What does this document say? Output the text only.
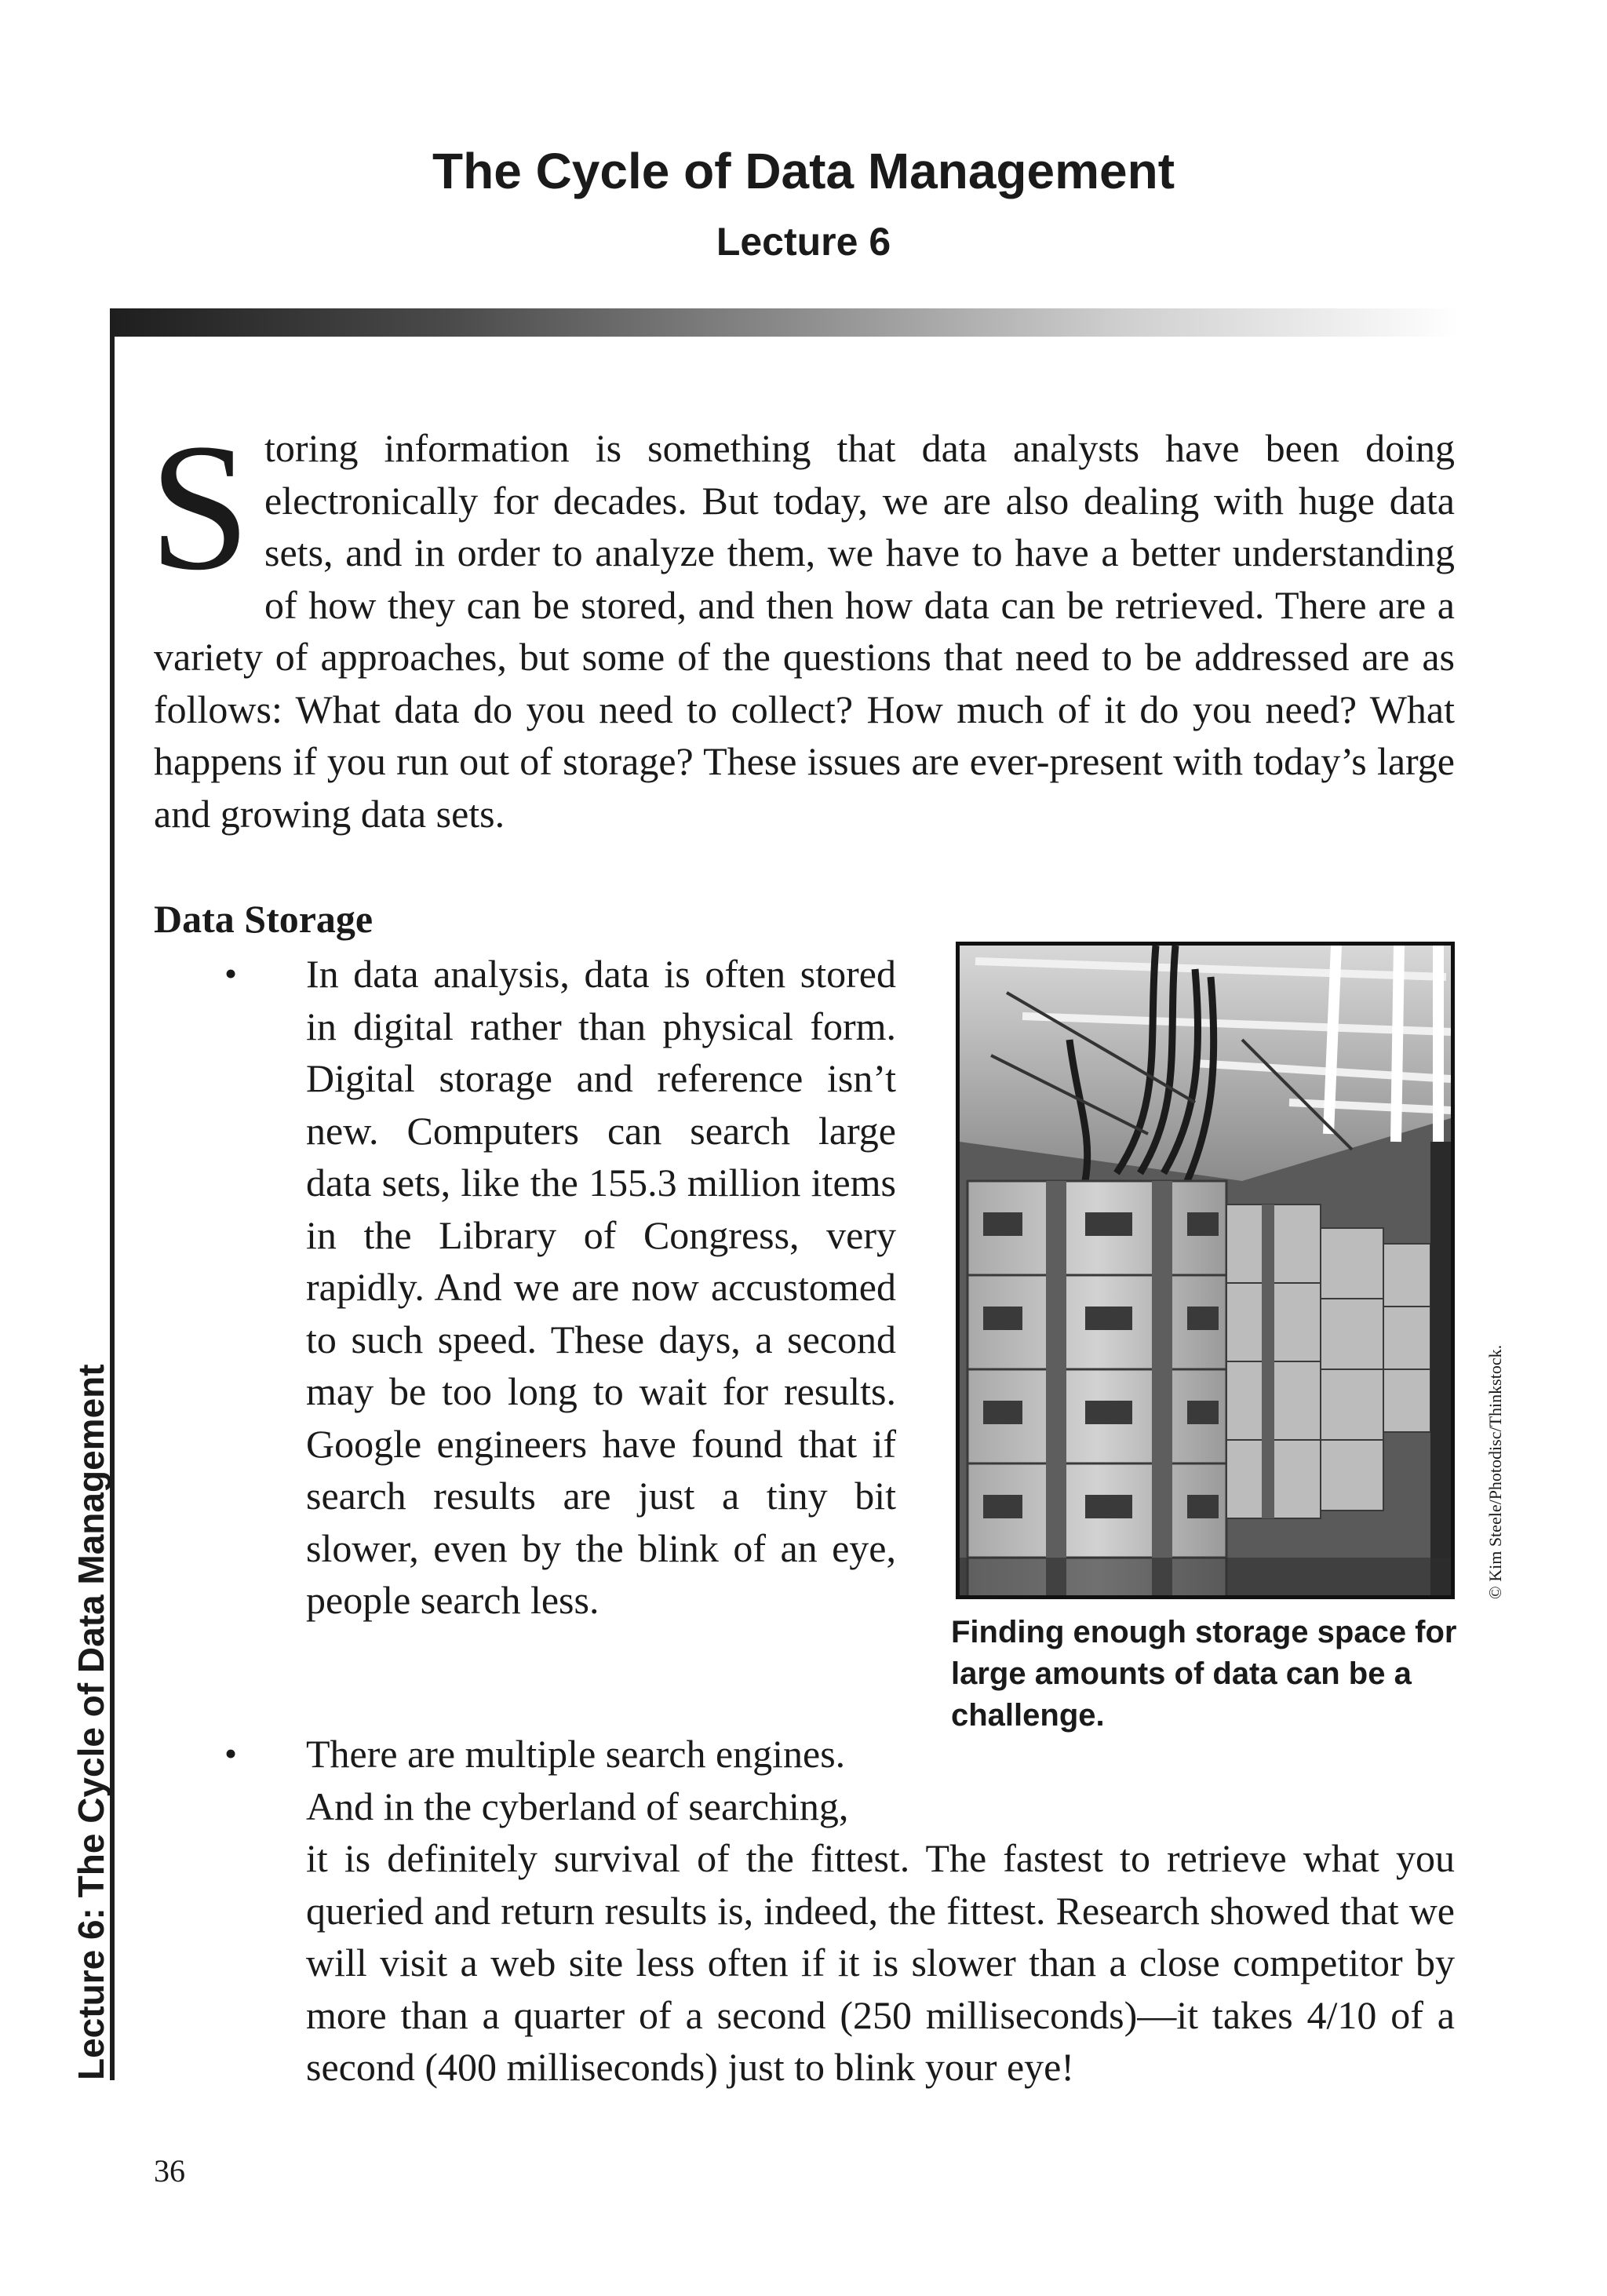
The Cycle of Data Management
Lecture 6
Lecture 6: The Cycle of Data Management
Storing information is something that data analysts have been doing electronically for decades. But today, we are also dealing with huge data sets, and in order to analyze them, we have to have a better understanding of how they can be stored, and then how data can be retrieved. There are a variety of approaches, but some of the questions that need to be addressed are as follows: What data do you need to collect? How much of it do you need? What happens if you run out of storage? These issues are ever-present with today’s large and growing data sets.
Data Storage
• In data analysis, data is often stored in digital rather than physical form. Digital storage and reference isn’t new. Computers can search large data sets, like the 155.3 million items in the Library of Congress, very rapidly. And we are now accustomed to such speed. These days, a second may be too long to wait for results. Google engineers have found that if search results are just a tiny bit slower, even by the blink of an eye, people search less.
• There are multiple search engines.
And in the cyberland of searching,
it is definitely survival of the fittest. The fastest to retrieve what you queried and return results is, indeed, the fittest. Research showed that we will visit a web site less often if it is slower than a close competitor by more than a quarter of a second (250 milliseconds)—it takes 4/10 of a second (400 milliseconds) just to blink your eye!
© Kim Steele/Photodisc/Thinkstock.
Finding enough storage space for large amounts of data can be a challenge.
36
